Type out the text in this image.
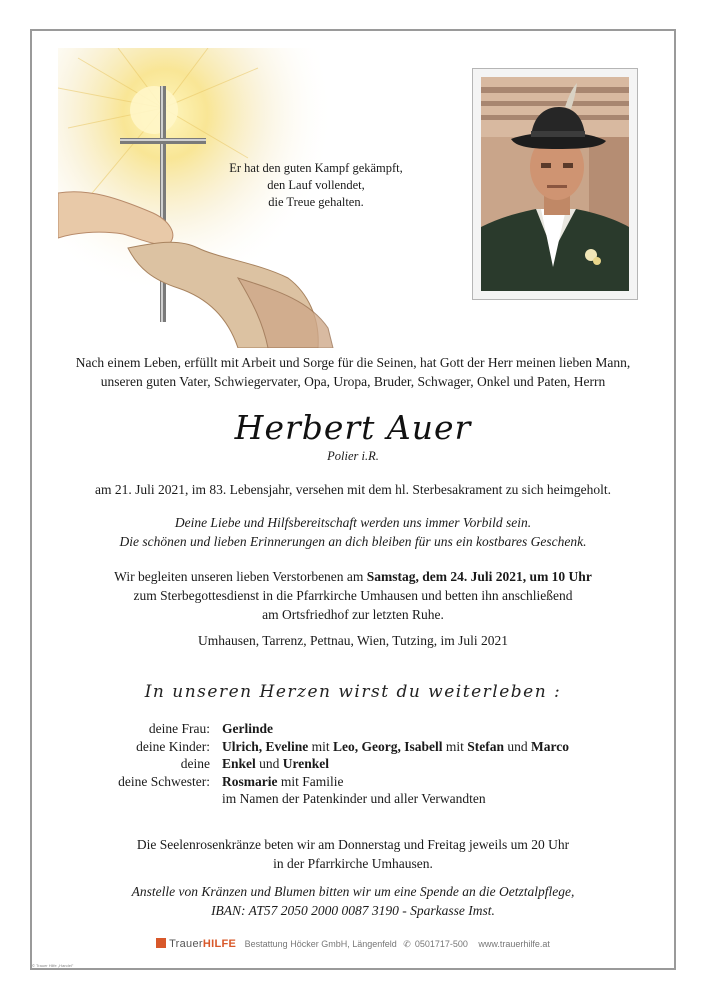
Er hat den guten Kampf gekämpft,
den Lauf vollendet,
die Treue gehalten.
Nach einem Leben, erfüllt mit Arbeit und Sorge für die Seinen, hat Gott der Herr meinen lieben Mann,
unseren guten Vater, Schwiegervater, Opa, Uropa, Bruder, Schwager, Onkel und Paten, Herrn
Herbert Auer
Polier i.R.
am 21. Juli 2021, im 83. Lebensjahr, versehen mit dem hl. Sterbesakrament zu sich heimgeholt.
Deine Liebe und Hilfsbereitschaft werden uns immer Vorbild sein.
Die schönen und lieben Erinnerungen an dich bleiben für uns ein kostbares Geschenk.
Wir begleiten unseren lieben Verstorbenen am Samstag, dem 24. Juli 2021, um 10 Uhr
zum Sterbegottesdienst in die Pfarrkirche Umhausen und betten ihn anschließend
am Ortsfriedhof zur letzten Ruhe.
Umhausen, Tarrenz, Pettnau, Wien, Tutzing, im Juli 2021
In unseren Herzen wirst du weiterleben :
deine Frau: Gerlinde
deine Kinder: Ulrich, Eveline mit Leo, Georg, Isabell mit Stefan und Marco
deine Enkel und Urenkel
deine Schwester: Rosmarie mit Familie
im Namen der Patenkinder und aller Verwandten
Die Seelenrosenkränze beten wir am Donnerstag und Freitag jeweils um 20 Uhr
in der Pfarrkirche Umhausen.
Anstelle von Kränzen und Blumen bitten wir um eine Spende an die Oetztalpflege,
IBAN: AT57 2050 2000 0087 3190 - Sparkasse Imst.
TrauerHILFE Bestattung Höcker GmbH, Längenfeld ✆ 0501717-500 www.trauerhilfe.at
© Trauer Hilfe „Handel"
